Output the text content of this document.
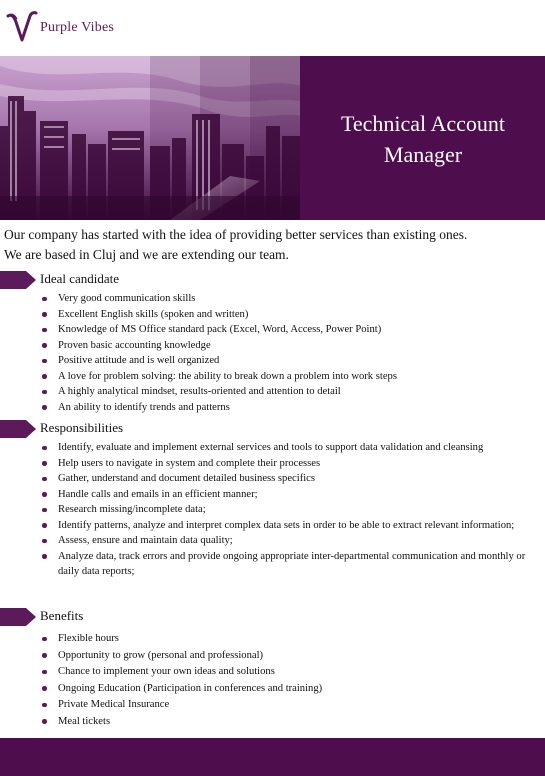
Purple Vibes
Technical Account
Manager
Our company has started with the idea of providing better services than existing ones.
We are based in Cluj and we are extending our team.
Ideal candidate
Very good communication skills
Excellent English skills (spoken and written)
Knowledge of MS Office standard pack (Excel, Word, Access, Power Point)
Proven basic accounting knowledge
Positive attitude and is well organized
A love for problem solving: the ability to break down a problem into work steps
A highly analytical mindset, results-oriented and attention to detail
An ability to identify trends and patterns
Responsibilities
Identify, evaluate and implement external services and tools to support data validation and cleansing
Help users to navigate in system and complete their processes
Gather, understand and document detailed business specifics
Handle calls and emails in an efficient manner;
Research missing/incomplete data;
Identify patterns, analyze and interpret complex data sets in order to be able to extract relevant information;
Assess, ensure and maintain data quality;
Analyze data, track errors and provide ongoing appropriate inter-departmental communication and monthly or daily data reports;
Benefits
Flexible hours
Opportunity to grow (personal and professional)
Chance to implement your own ideas and solutions
Ongoing Education (Participation in conferences and training)
Private Medical Insurance
Meal tickets
